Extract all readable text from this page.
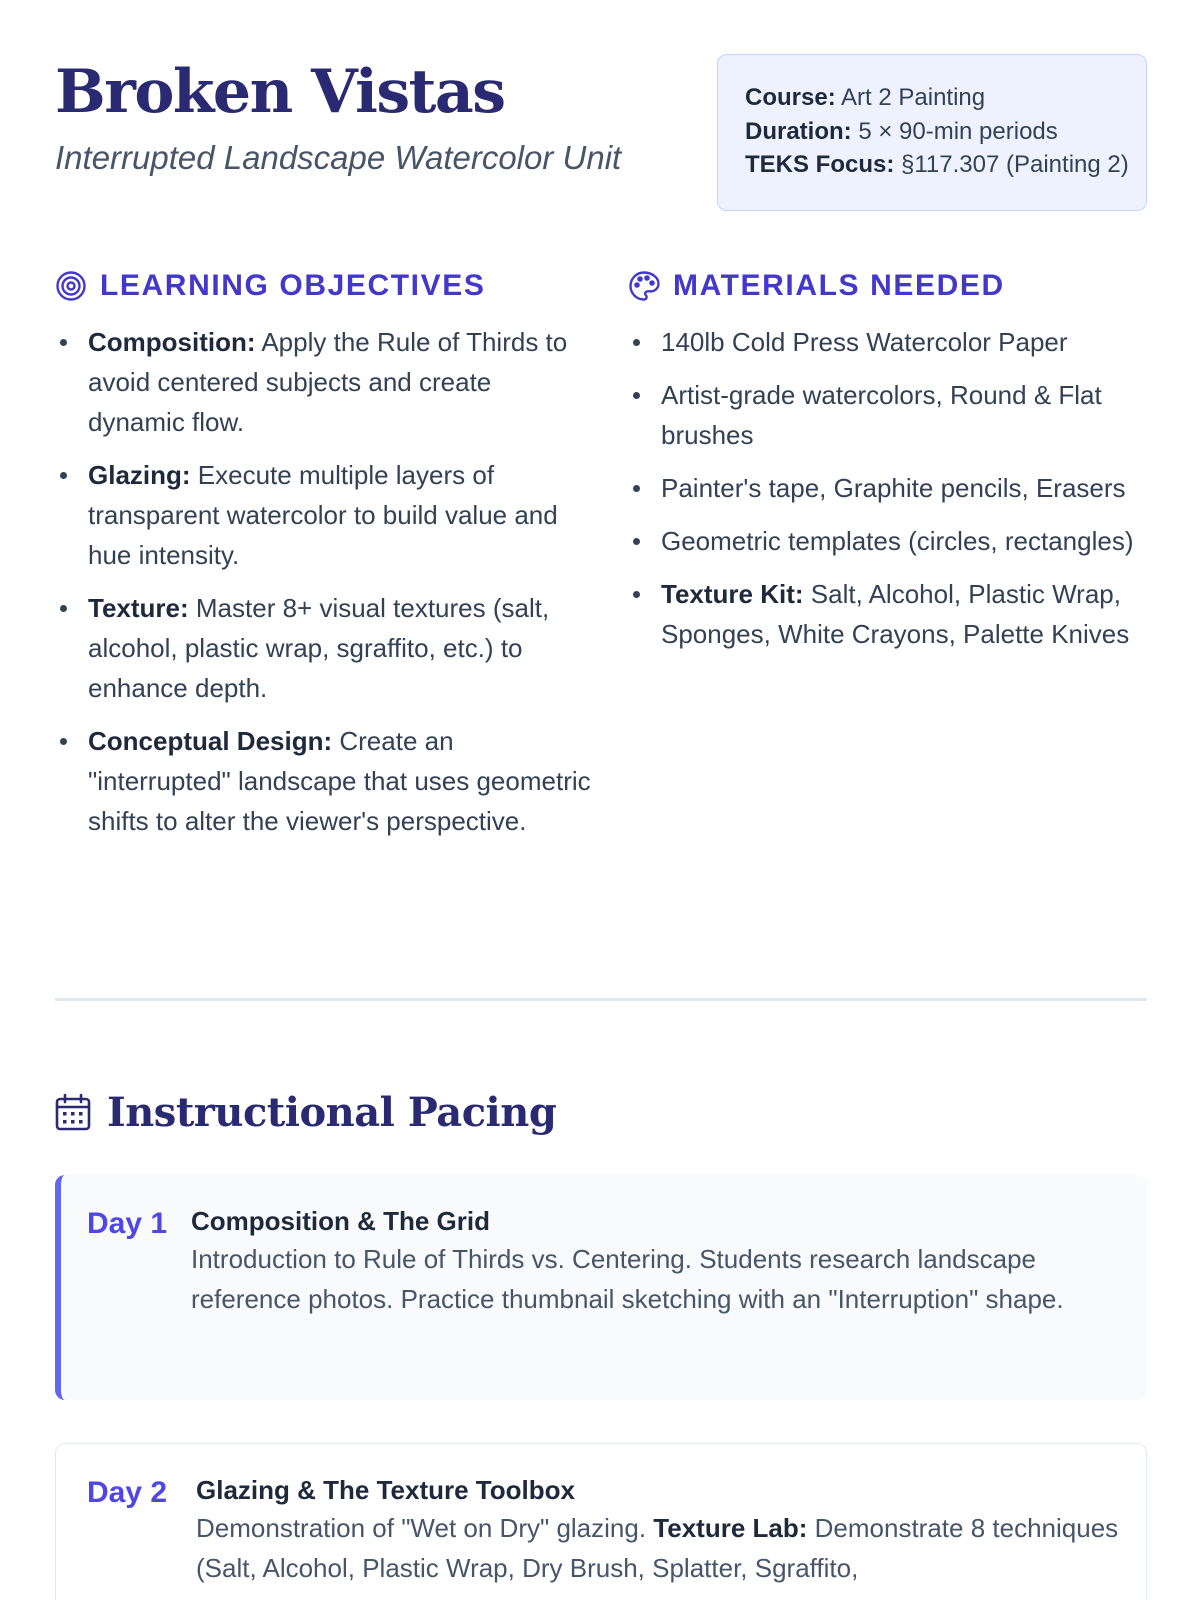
Broken Vistas
Interrupted Landscape Watercolor Unit
Course: Art 2 Painting
Duration: 5 × 90-min periods
TEKS Focus: §117.307 (Painting 2)
LEARNING OBJECTIVES
Composition: Apply the Rule of Thirds to avoid centered subjects and create dynamic flow.
Glazing: Execute multiple layers of transparent watercolor to build value and hue intensity.
Texture: Master 8+ visual textures (salt, alcohol, plastic wrap, sgraffito, etc.) to enhance depth.
Conceptual Design: Create an "interrupted" landscape that uses geometric shifts to alter the viewer's perspective.
MATERIALS NEEDED
140lb Cold Press Watercolor Paper
Artist-grade watercolors, Round & Flat brushes
Painter's tape, Graphite pencils, Erasers
Geometric templates (circles, rectangles)
Texture Kit: Salt, Alcohol, Plastic Wrap, Sponges, White Crayons, Palette Knives
Instructional Pacing
Day 1 Composition & The Grid
Introduction to Rule of Thirds vs. Centering. Students research landscape reference photos. Practice thumbnail sketching with an "Interruption" shape.
Day 2 Glazing & The Texture Toolbox
Demonstration of "Wet on Dry" glazing. Texture Lab: Demonstrate 8 techniques (Salt, Alcohol, Plastic Wrap, Dry Brush, Splatter, Sgraffito,
